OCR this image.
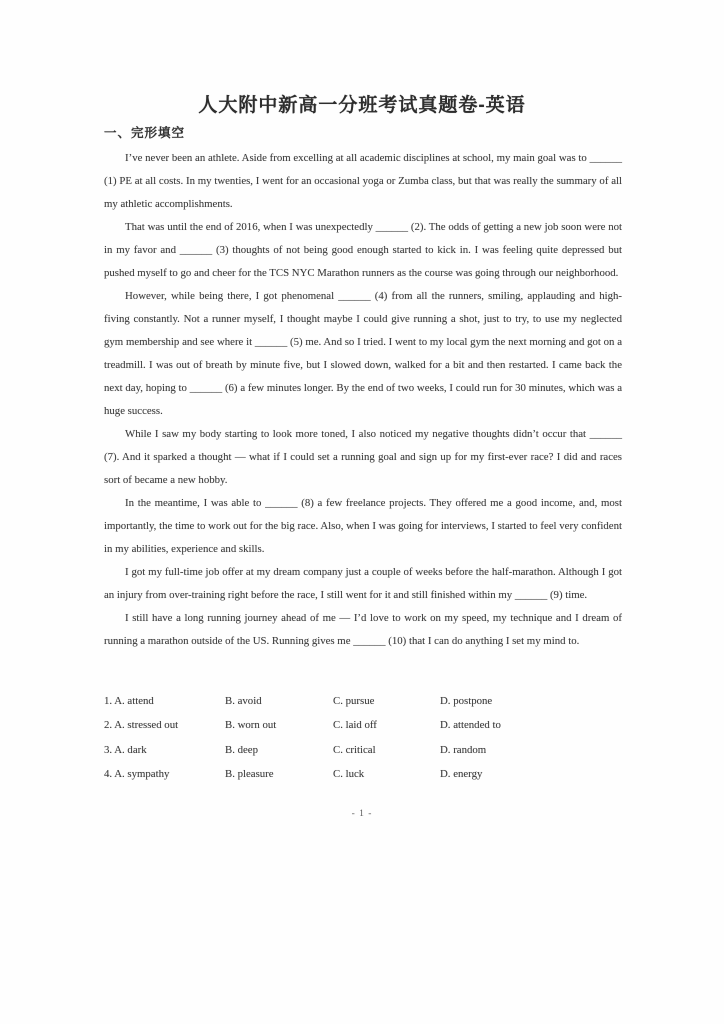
人大附中新高一分班考试真题卷-英语
一、完形填空

I’ve never been an athlete. Aside from excelling at all academic disciplines at school, my main goal was to ______ (1) PE at all costs. In my twenties, I went for an occasional yoga or Zumba class, but that was really the summary of all my athletic accomplishments.

That was until the end of 2016, when I was unexpectedly ______ (2). The odds of getting a new job soon were not in my favor and ______ (3) thoughts of not being good enough started to kick in. I was feeling quite depressed but pushed myself to go and cheer for the TCS NYC Marathon runners as the course was going through our neighborhood.

However, while being there, I got phenomenal ______ (4) from all the runners, smiling, applauding and high-fiving constantly. Not a runner myself, I thought maybe I could give running a shot, just to try, to use my neglected gym membership and see where it ______ (5) me. And so I tried. I went to my local gym the next morning and got on a treadmill. I was out of breath by minute five, but I slowed down, walked for a bit and then restarted. I came back the next day, hoping to ______ (6) a few minutes longer. By the end of two weeks, I could run for 30 minutes, which was a huge success.

While I saw my body starting to look more toned, I also noticed my negative thoughts didn’t occur that ______ (7). And it sparked a thought — what if I could set a running goal and sign up for my first-ever race? I did and races sort of became a new hobby.

In the meantime, I was able to ______ (8) a few freelance projects. They offered me a good income, and, most importantly, the time to work out for the big race. Also, when I was going for interviews, I started to feel very confident in my abilities, experience and skills.

I got my full-time job offer at my dream company just a couple of weeks before the half-marathon. Although I got an injury from over-training right before the race, I still went for it and still finished within my ______ (9) time.

I still have a long running journey ahead of me — I’d love to work on my speed, my technique and I dream of running a marathon outside of the US. Running gives me ______ (10) that I can do anything I set my mind to.

1. A. attend	B. avoid	C. pursue	D. postpone
2. A. stressed out	B. worn out	C. laid off	D. attended to
3. A. dark	B. deep	C. critical	D. random
4. A. sympathy	B. pleasure	C. luck	D. energy
- 1 -
